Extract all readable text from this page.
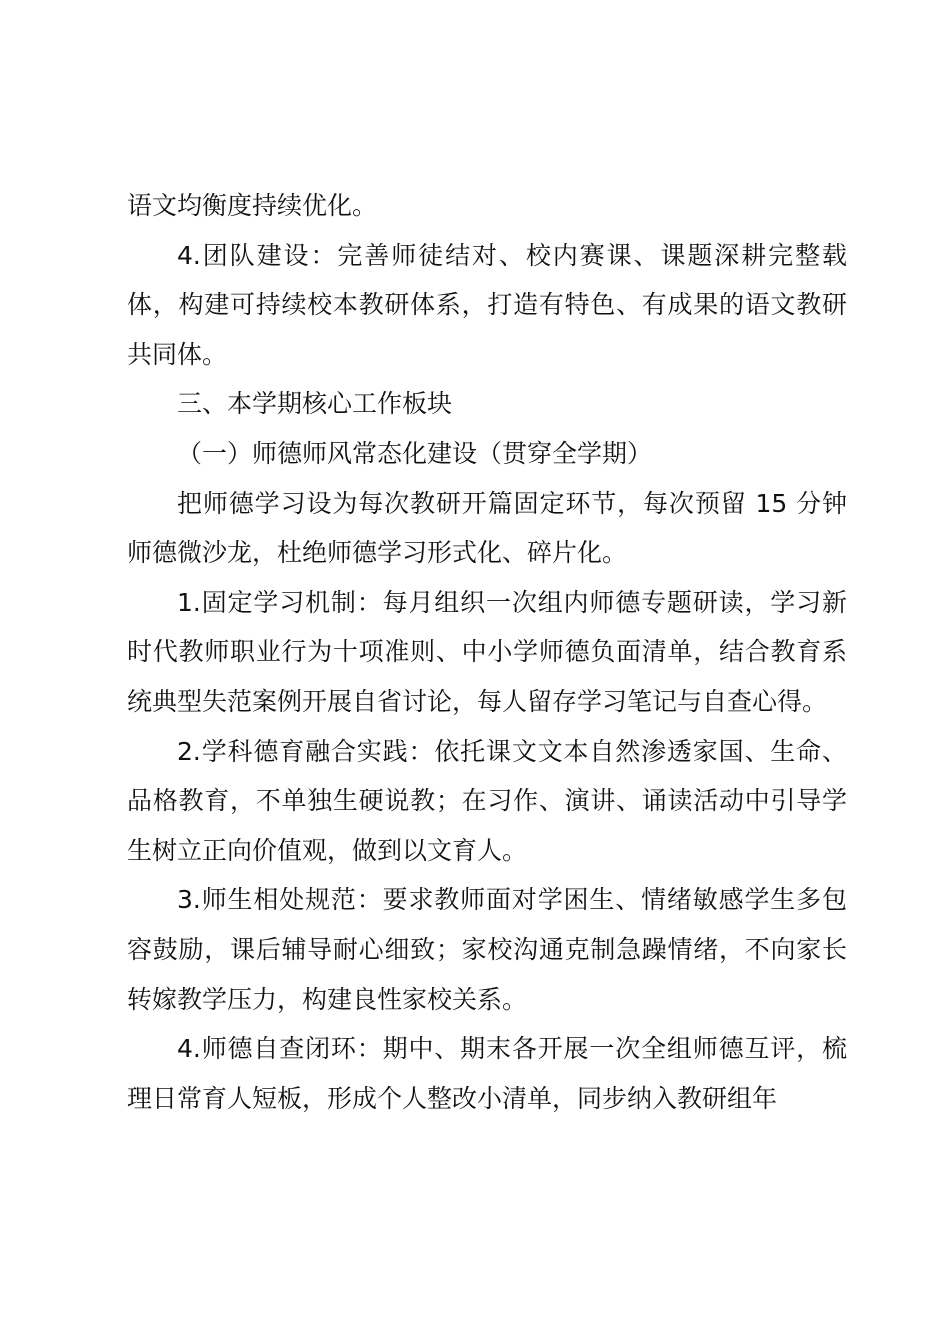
语文均衡度持续优化。

4.团队建设：完善师徒结对、校内赛课、课题深耕完整载体，构建可持续校本教研体系，打造有特色、有成果的语文教研共同体。

三、本学期核心工作板块

（一）师德师风常态化建设（贯穿全学期）

把师德学习设为每次教研开篇固定环节，每次预留 15 分钟师德微沙龙，杜绝师德学习形式化、碎片化。

1.固定学习机制：每月组织一次组内师德专题研读，学习新时代教师职业行为十项准则、中小学师德负面清单，结合教育系统典型失范案例开展自省讨论，每人留存学习笔记与自查心得。

2.学科德育融合实践：依托课文文本自然渗透家国、生命、品格教育，不单独生硬说教；在习作、演讲、诵读活动中引导学生树立正向价值观，做到以文育人。

3.师生相处规范：要求教师面对学困生、情绪敏感学生多包容鼓励，课后辅导耐心细致；家校沟通克制急躁情绪，不向家长转嫁教学压力，构建良性家校关系。

4.师德自查闭环：期中、期末各开展一次全组师德互评，梳理日常育人短板，形成个人整改小清单，同步纳入教研组年
